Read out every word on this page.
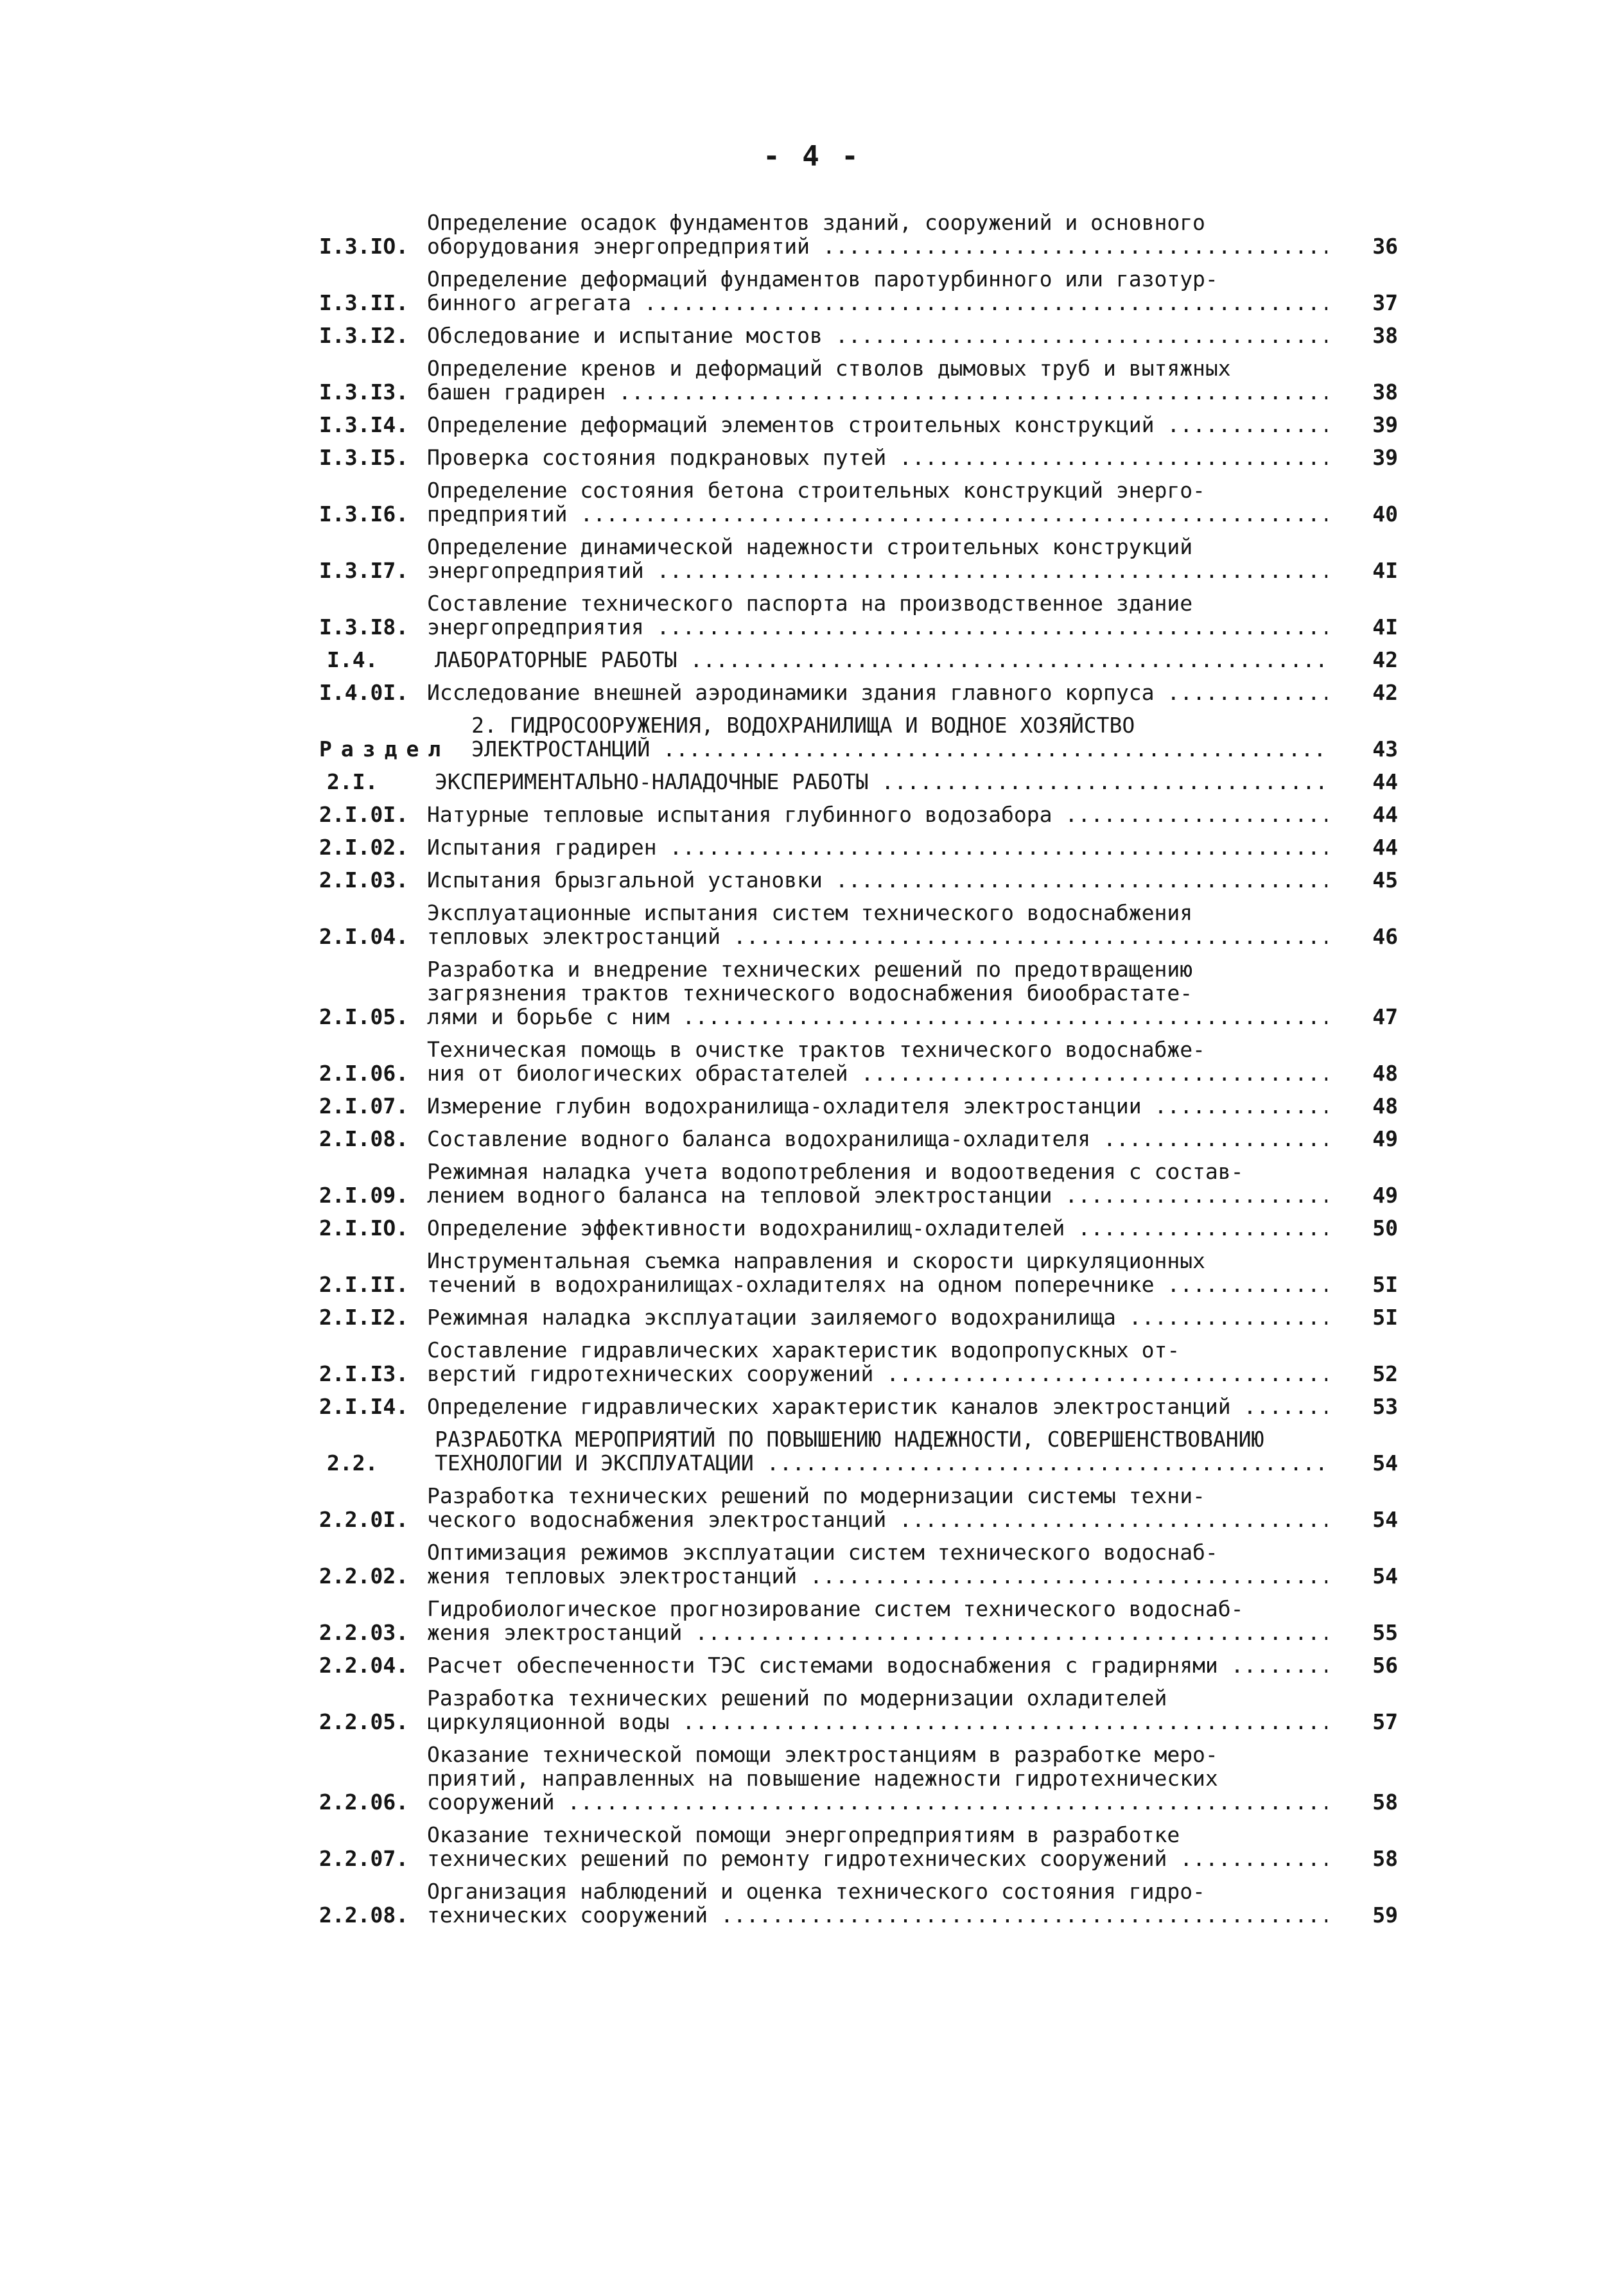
- 4 -
I.3.IO.
Определение осадок фундаментов зданий, сооружений и основного
оборудования энергопредприятий .....	36
I.3.II.
Определение деформаций фундаментов паротурбинного или газотур-
бинного агрегата .....	37
I.3.I2. Обследование и испытание мостов .....	38
I.3.I3.
Определение кренов и деформаций стволов дымовых труб и вытяжных
башен градирен .....	38
I.3.I4. Определение деформаций элементов строительных конструкций .....	39
I.3.I5. Проверка состояния подкрановых путей .....	39
I.3.I6.
Определение состояния бетона строительных конструкций энерго-
предприятий .....	40
I.3.I7.
Определение динамической надежности строительных конструкций
энергопредприятий .....	4I
I.3.I8.
Составление технического паспорта на производственное здание
энергопредприятия .....	4I
I.4.	ЛАБОРАТОРНЫЕ РАБОТЫ .....	42
I.4.0I. Исследование внешней аэродинамики здания главного корпуса .....	42
Раздел
2. ГИДРОСООРУЖЕНИЯ, ВОДОХРАНИЛИЩА И ВОДНОЕ ХОЗЯЙСТВО
ЭЛЕКТРОСТАНЦИЙ .....	43
2.I.	ЭКСПЕРИМЕНТАЛЬНО-НАЛАДОЧНЫЕ РАБОТЫ .....	44
2.I.0I. Натурные тепловые испытания глубинного водозабора .....	44
2.I.02. Испытания градирен .....	44
2.I.03. Испытания брызгальной установки .....	45
2.I.04.
Эксплуатационные испытания систем технического водоснабжения
тепловых электростанций .....	46
2.I.05.
Разработка и внедрение технических решений по предотвращению
загрязнения трактов технического водоснабжения биообрастате-
лями и борьбе с ним .....	47
2.I.06.
Техническая помощь в очистке трактов технического водоснабже-
ния от биологических обрастателей .....	48
2.I.07. Измерение глубин водохранилища-охладителя электростанции .....	48
2.I.08. Составление водного баланса водохранилища-охладителя .....	49
2.I.09.
Режимная наладка учета водопотребления и водоотведения с состав-
лением водного баланса на тепловой электростанции .....	49
2.I.IO. Определение эффективности водохранилищ-охладителей .....	50
2.I.II.
Инструментальная съемка направления и скорости циркуляционных
течений в водохранилищах-охладителях на одном поперечнике .....	5I
2.I.I2. Режимная наладка эксплуатации заиляемого водохранилища .....	5I
2.I.I3.
Составление гидравлических характеристик водопропускных от-
верстий гидротехнических сооружений .....	52
2.I.I4. Определение гидравлических характеристик каналов электростанций .....	53
2.2.
РАЗРАБОТКА МЕРОПРИЯТИЙ ПО ПОВЫШЕНИЮ НАДЕЖНОСТИ, СОВЕРШЕНСТВОВАНИЮ
ТЕХНОЛОГИИ И ЭКСПЛУАТАЦИИ .....	54
2.2.0I.
Разработка технических решений по модернизации системы техни-
ческого водоснабжения электростанций .....	54
2.2.02.
Оптимизация режимов эксплуатации систем технического водоснаб-
жения тепловых электростанций .....	54
2.2.03.
Гидробиологическое прогнозирование систем технического водоснаб-
жения электростанций .....	55
2.2.04. Расчет обеспеченности ТЭС системами водоснабжения с градирнями .....	56
2.2.05.
Разработка технических решений по модернизации охладителей
циркуляционной воды .....	57
2.2.06.
Оказание технической помощи электростанциям в разработке меро-
приятий, направленных на повышение надежности гидротехнических
сооружений .....	58
2.2.07.
Оказание технической помощи энергопредприятиям в разработке
технических решений по ремонту гидротехнических сооружений .....	58
2.2.08.
Организация наблюдений и оценка технического состояния гидро-
технических сооружений .....	59
